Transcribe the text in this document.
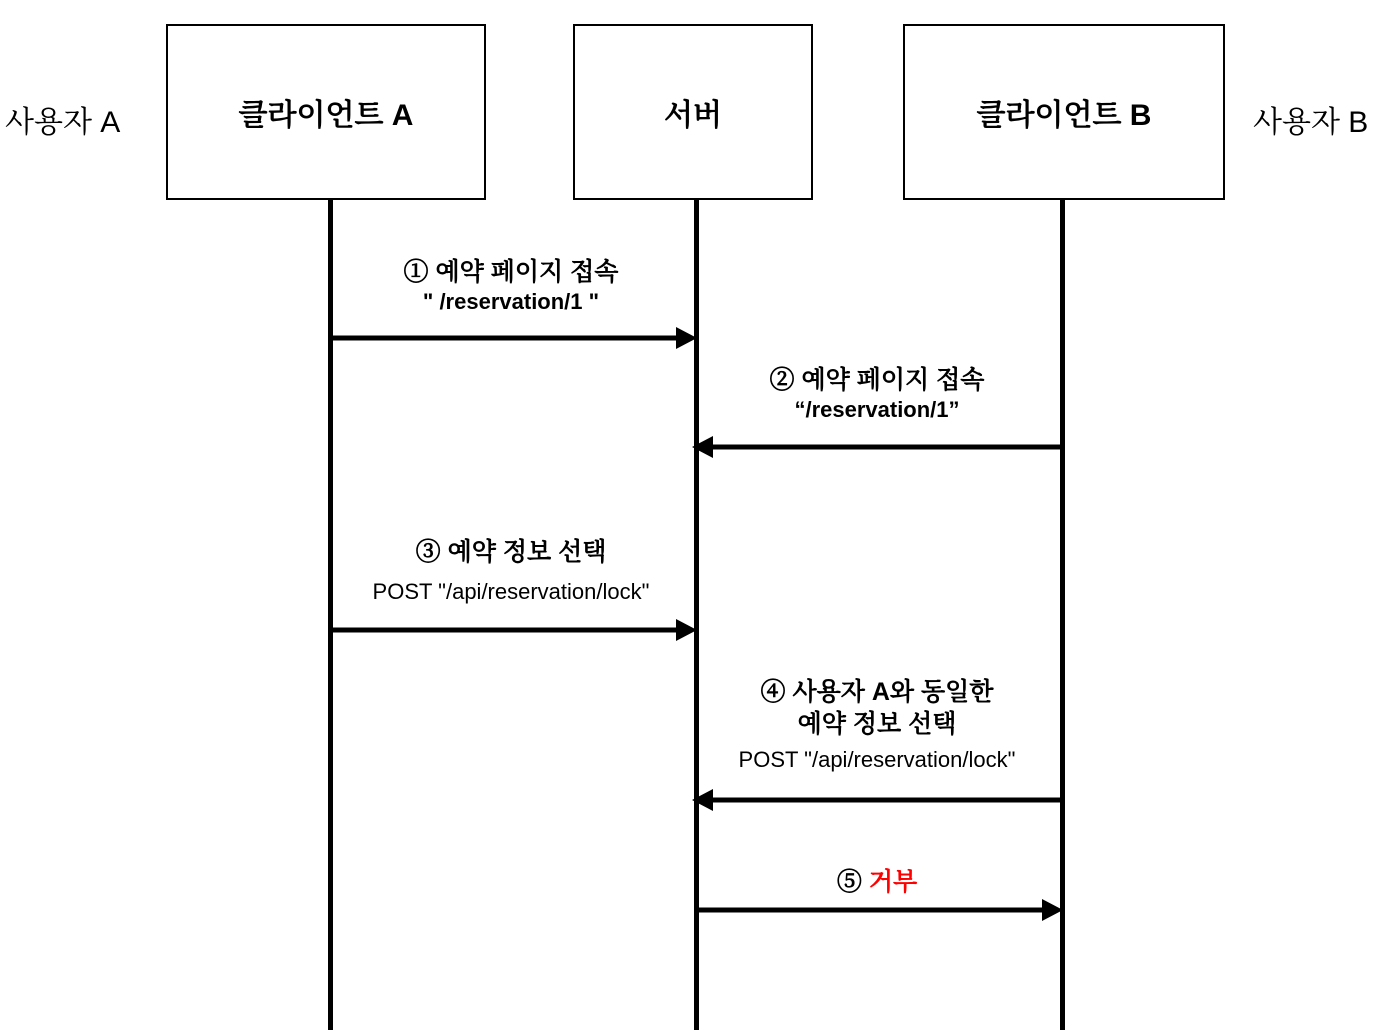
사용자 A	클라이언트 A	서버	클라이언트 B	사용자 B
① 예약 페이지 접속
" /reservation/1 "
② 예약 페이지 접속
“/reservation/1”
③ 예약 정보 선택
POST "/api/reservation/lock"
④ 사용자 A와 동일한
예약 정보 선택
POST "/api/reservation/lock"
⑤ 거부
